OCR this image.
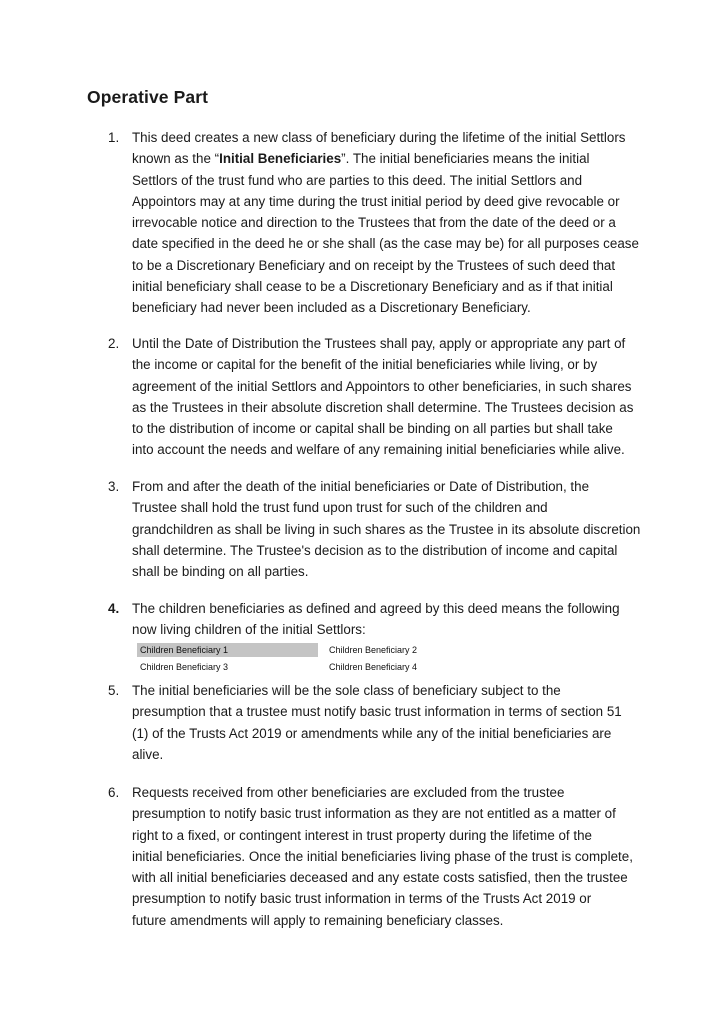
Operative Part
1. This deed creates a new class of beneficiary during the lifetime of the initial Settlors
known as the “Initial Beneficiaries”. The initial beneficiaries means the initial
Settlors of the trust fund who are parties to this deed. The initial Settlors and
Appointors may at any time during the trust initial period by deed give revocable or
irrevocable notice and direction to the Trustees that from the date of the deed or a
date specified in the deed he or she shall (as the case may be) for all purposes cease
to be a Discretionary Beneficiary and on receipt by the Trustees of such deed that
initial beneficiary shall cease to be a Discretionary Beneficiary and as if that initial
beneficiary had never been included as a Discretionary Beneficiary.
2. Until the Date of Distribution the Trustees shall pay, apply or appropriate any part of
the income or capital for the benefit of the initial beneficiaries while living, or by
agreement of the initial Settlors and Appointors to other beneficiaries, in such shares
as the Trustees in their absolute discretion shall determine. The Trustees decision as
to the distribution of income or capital shall be binding on all parties but shall take
into account the needs and welfare of any remaining initial beneficiaries while alive.
3. From and after the death of the initial beneficiaries or Date of Distribution, the
Trustee shall hold the trust fund upon trust for such of the children and
grandchildren as shall be living in such shares as the Trustee in its absolute discretion
shall determine. The Trustee's decision as to the distribution of income and capital
shall be binding on all parties.
4. The children beneficiaries as defined and agreed by this deed means the following
now living children of the initial Settlors:
Children Beneficiary 1	Children Beneficiary 2
Children Beneficiary 3	Children Beneficiary 4
5. The initial beneficiaries will be the sole class of beneficiary subject to the
presumption that a trustee must notify basic trust information in terms of section 51
(1) of the Trusts Act 2019 or amendments while any of the initial beneficiaries are
alive.
6. Requests received from other beneficiaries are excluded from the trustee
presumption to notify basic trust information as they are not entitled as a matter of
right to a fixed, or contingent interest in trust property during the lifetime of the
initial beneficiaries. Once the initial beneficiaries living phase of the trust is complete,
with all initial beneficiaries deceased and any estate costs satisfied, then the trustee
presumption to notify basic trust information in terms of the Trusts Act 2019 or
future amendments will apply to remaining beneficiary classes.
